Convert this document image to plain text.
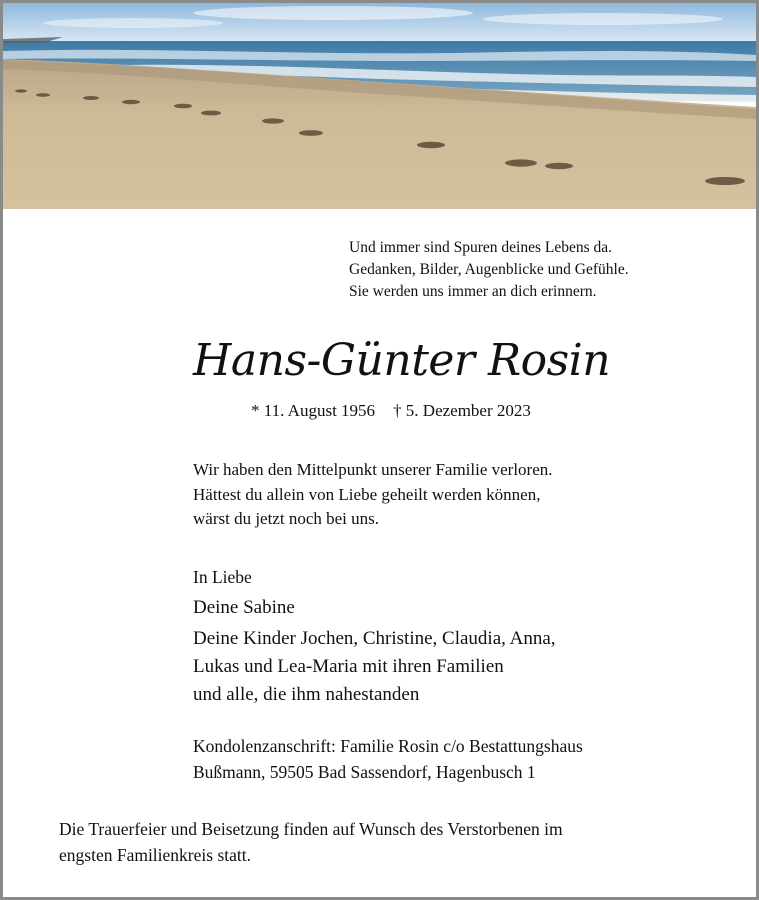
Und immer sind Spuren deines Lebens da.
Gedanken, Bilder, Augenblicke und Gefühle.
Sie werden uns immer an dich erinnern.
Hans-Günter Rosin
* 11. August 1956 † 5. Dezember 2023
Wir haben den Mittelpunkt unserer Familie verloren.
Hättest du allein von Liebe geheilt werden können,
wärst du jetzt noch bei uns.
In Liebe
Deine Sabine
Deine Kinder Jochen, Christine, Claudia, Anna,
Lukas und Lea-Maria mit ihren Familien
und alle, die ihm nahestanden
Kondolenzanschrift: Familie Rosin c/o Bestattungshaus
Bußmann, 59505 Bad Sassendorf, Hagenbusch 1
Die Trauerfeier und Beisetzung finden auf Wunsch des Verstorbenen im
engsten Familienkreis statt.
